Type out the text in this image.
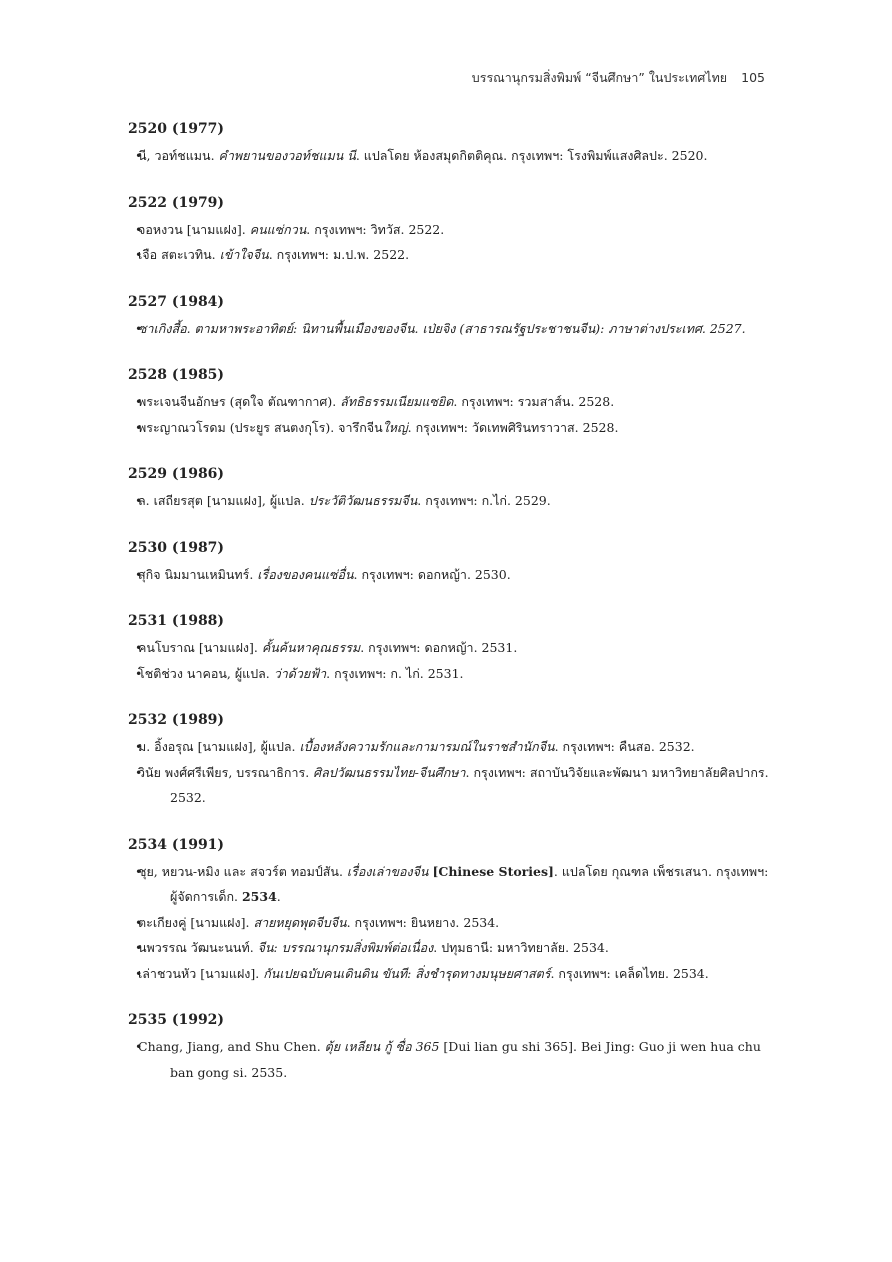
บรรณานุกรมสิ่งพิมพ์ “จีนศึกษา” ในประเทศไทย 105
2520 (1977)
• นี, วอท์ชแมน. คำพยานของวอท์ชแมน นี. แปลโดย ห้องสมุดกิตติคุณ. กรุงเทพฯ: โรงพิมพ์แสงศิลปะ. 2520.
2522 (1979)
• จอหงวน [นามแฝง]. คนแซ่กวน. กรุงเทพฯ: วิทวัส. 2522.
• เจือ สตะเวทิน. เข้าใจจีน. กรุงเทพฯ: ม.ป.พ. 2522.
2527 (1984)
• ซาเกิงสี้อ. ตามหาพระอาทิตย์: นิทานพื้นเมืองของจีน. เป่ยจิง (สาธารณรัฐประชาชนจีน): ภาษาต่างประเทศ. 2527.
2528 (1985)
• พระเจนจีนอักษร (สุดใจ ตัณฑากาศ). ลัทธิธรรมเนียมแซยิด. กรุงเทพฯ: รวมสาส์น. 2528.
• พระญาณวโรดม (ประยูร สนตงกุโร). จารึกจีนใหญ่. กรุงเทพฯ: วัดเทพศิรินทราวาส. 2528.
2529 (1986)
• ล. เสถียรสุต [นามแฝง], ผู้แปล. ประวัติวัฒนธรรมจีน. กรุงเทพฯ: ก.ไก่. 2529.
2530 (1987)
• สุกิจ นิมมานเหมินทร์. เรื่องของคนแซ่อื่น. กรุงเทพฯ: ดอกหญ้า. 2530.
2531 (1988)
• คนโบราณ [นามแฝง]. คั้นค้นหาคุณธรรม. กรุงเทพฯ: ดอกหญ้า. 2531.
• โชติช่วง นาคอน, ผู้แปล. ว่าด้วยฟ้า. กรุงเทพฯ: ก. ไก่. 2531.
2532 (1989)
• ม. อิ้งอรุณ [นามแฝง], ผู้แปล. เบื้องหลังความรักและกามารมณ์ในราชสำนักจีน. กรุงเทพฯ: คืนสอ. 2532.
• วินัย พงศ์ศรีเพียร, บรรณาธิการ. ศิลปวัฒนธรรมไทย-จีนศึกษา. กรุงเทพฯ: สถาบันวิจัยและพัฒนา มหาวิทยาลัยศิลปากร. 2532.
2534 (1991)
• ชุย, หยวน-หมิง และ สจวร์ต ทอมป์สัน. เรื่องเล่าของจีน [Chinese Stories]. แปลโดย กุณฑล เพ็ชรเสนา. กรุงเทพฯ: ผู้จัดการเด็ก. 2534.
• ตะเกียงคู่ [นามแฝง]. สายหยุดพุดจีบจีน. กรุงเทพฯ: ยินหยาง. 2534.
• นพวรรณ วัฒนะนนท์. จีน: บรรณานุกรมสิ่งพิมพ์ต่อเนื่อง. ปทุมธานี: มหาวิทยาลัย. 2534.
• เล่าชวนหัว [นามแฝง]. กันเปยฉบับคนเดินดิน ขันที: สิ่งชำรุดทางมนุษยศาสตร์. กรุงเทพฯ: เคล็ดไทย. 2534.
2535 (1992)
• Chang, Jiang, and Shu Chen. ตุ้ย เหลียน กู้ ซื่อ 365 [Dui lian gu shi 365]. Bei Jing: Guo ji wen hua chu ban gong si. 2535.
